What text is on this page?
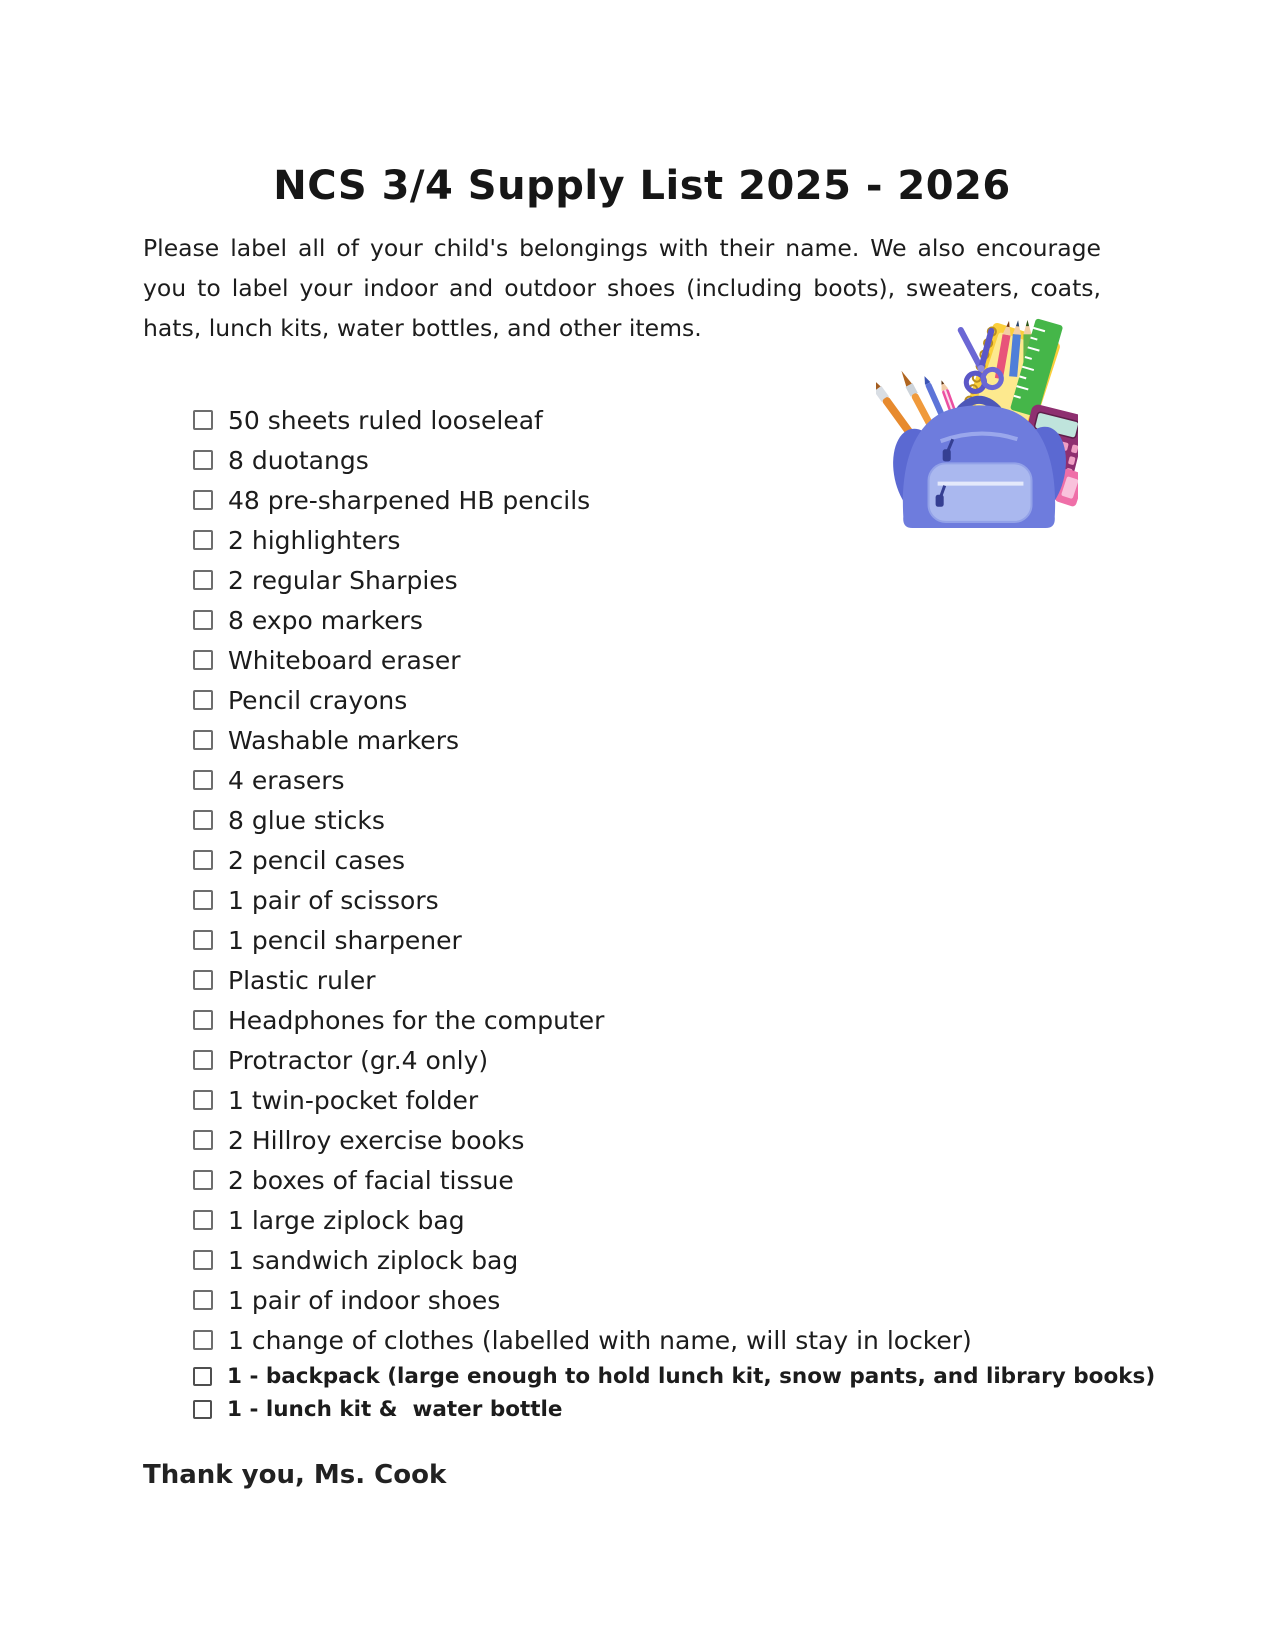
NCS 3/4 Supply List 2025 - 2026
Please label all of your child's belongings with their name. We also encourage you to label your indoor and outdoor shoes (including boots), sweaters, coats, hats, lunch kits, water bottles, and other items.
50 sheets ruled looseleaf
8 duotangs
48 pre-sharpened HB pencils
2 highlighters
2 regular Sharpies
8 expo markers
Whiteboard eraser
Pencil crayons
Washable markers
4 erasers
8 glue sticks
2 pencil cases
1 pair of scissors
1 pencil sharpener
Plastic ruler
Headphones for the computer
Protractor (gr.4 only)
1 twin-pocket folder
2 Hillroy exercise books
2 boxes of facial tissue
1 large ziplock bag
1 sandwich ziplock bag
1 pair of indoor shoes
1 change of clothes (labelled with name, will stay in locker)
1 - backpack (large enough to hold lunch kit, snow pants, and library books)
1 - lunch kit &  water bottle
Thank you, Ms. Cook
